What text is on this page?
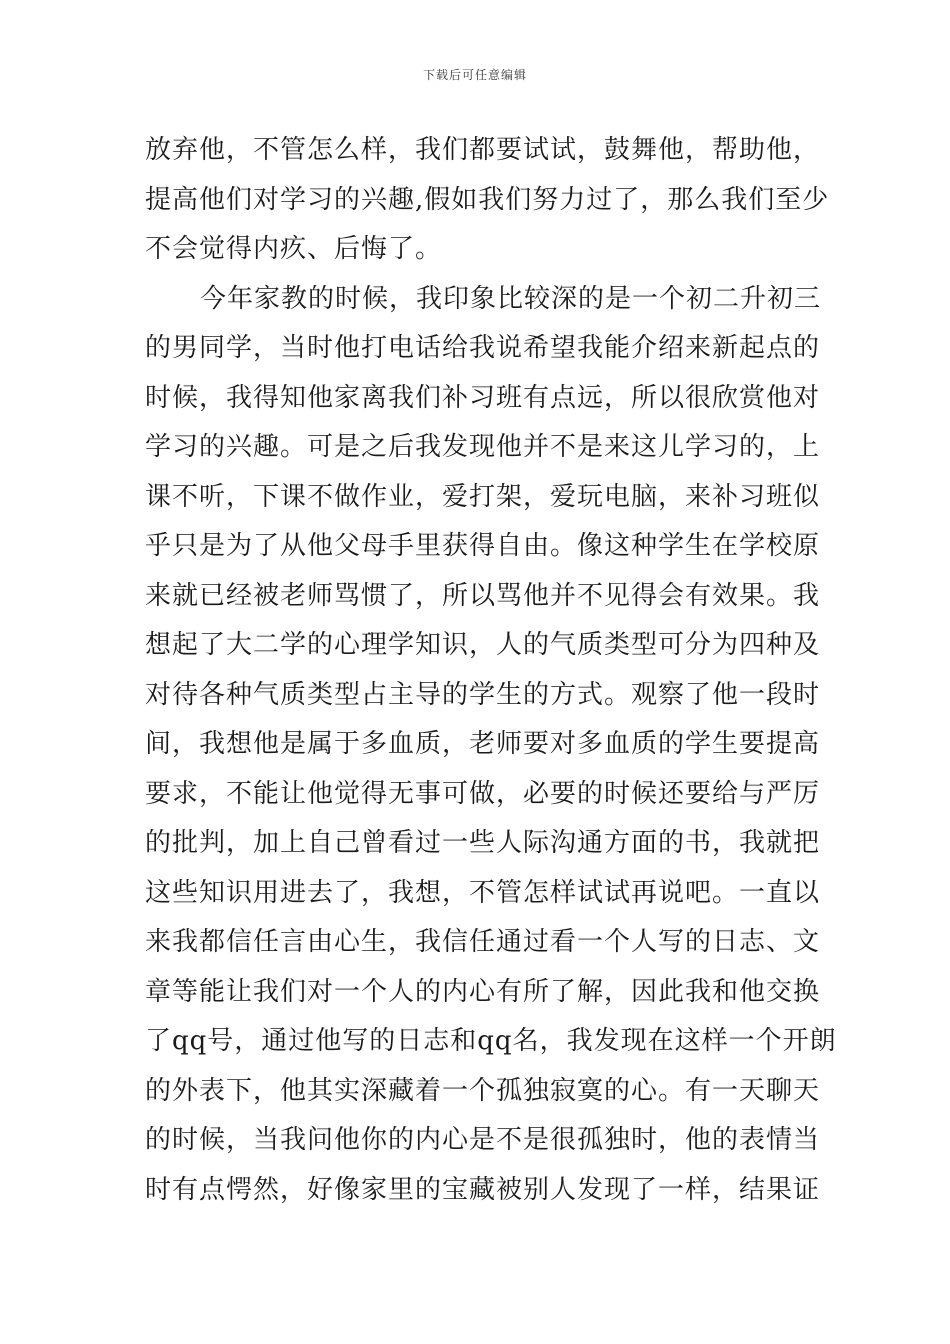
下载后可任意编辑
放弃他，不管怎么样，我们都要试试，鼓舞他，帮助他，
提高他们对学习的兴趣,假如我们努力过了，那么我们至少
不会觉得内疚、后悔了。
今年家教的时候，我印象比较深的是一个初二升初三
的男同学，当时他打电话给我说希望我能介绍来新起点的
时候，我得知他家离我们补习班有点远，所以很欣赏他对
学习的兴趣。可是之后我发现他并不是来这儿学习的，上
课不听，下课不做作业，爱打架，爱玩电脑，来补习班似
乎只是为了从他父母手里获得自由。像这种学生在学校原
来就已经被老师骂惯了，所以骂他并不见得会有效果。我
想起了大二学的心理学知识，人的气质类型可分为四种及
对待各种气质类型占主导的学生的方式。观察了他一段时
间，我想他是属于多血质，老师要对多血质的学生要提高
要求，不能让他觉得无事可做，必要的时候还要给与严厉
的批判，加上自己曾看过一些人际沟通方面的书，我就把
这些知识用进去了，我想，不管怎样试试再说吧。一直以
来我都信任言由心生，我信任通过看一个人写的日志、文
章等能让我们对一个人的内心有所了解，因此我和他交换
了qq号，通过他写的日志和qq名，我发现在这样一个开朗
的外表下，他其实深藏着一个孤独寂寞的心。有一天聊天
的时候，当我问他你的内心是不是很孤独时，他的表情当
时有点愕然，好像家里的宝藏被别人发现了一样，结果证
